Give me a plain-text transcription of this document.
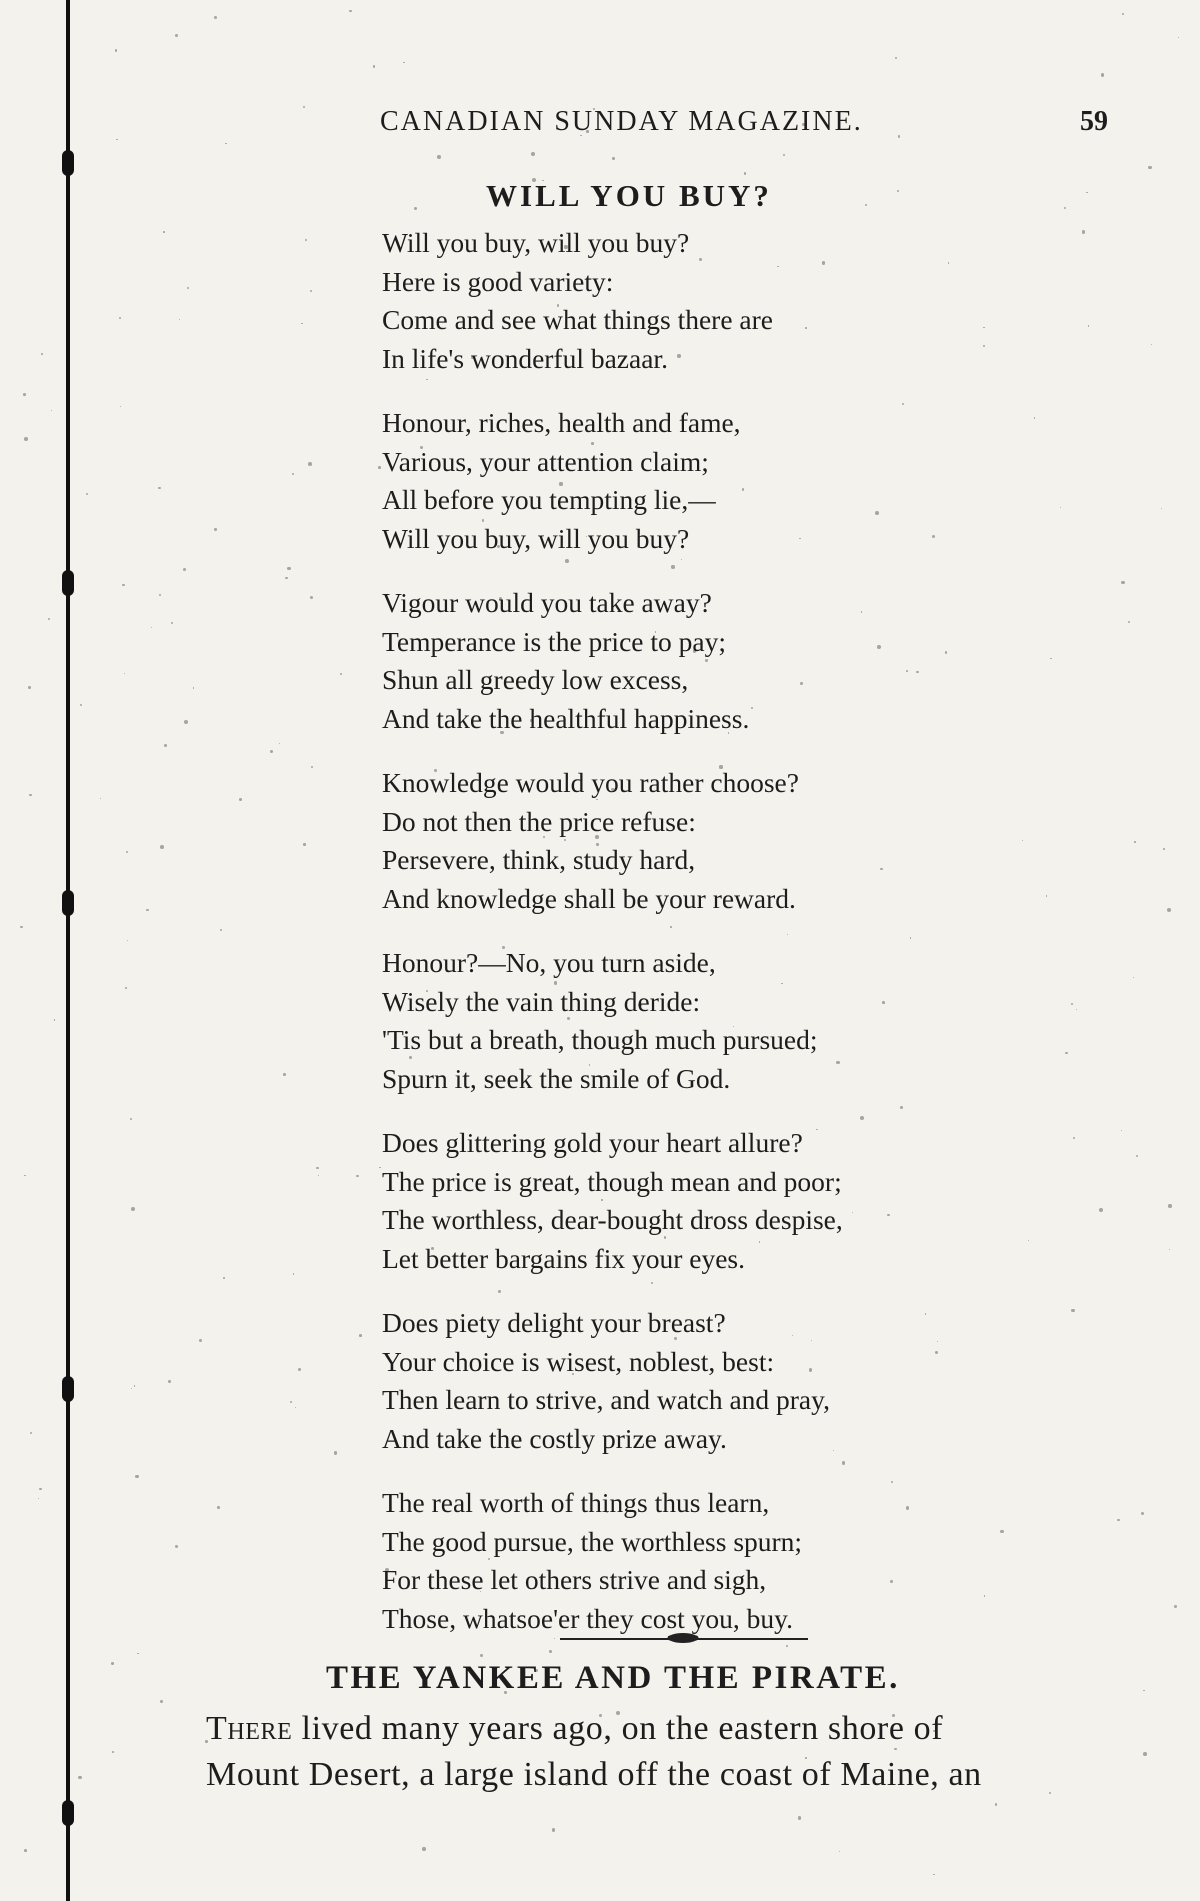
CANADIAN SUNDAY MAGAZINE.	59
WILL YOU BUY?
Will you buy, will you buy?
Here is good variety:
Come and see what things there are
In life's wonderful bazaar.
Honour, riches, health and fame,
Various, your attention claim;
All before you tempting lie,—
Will you buy, will you buy?
Vigour would you take away?
Temperance is the price to pay;
Shun all greedy low excess,
And take the healthful happiness.
Knowledge would you rather choose?
Do not then the price refuse:
Persevere, think, study hard,
And knowledge shall be your reward.
Honour?—No, you turn aside,
Wisely the vain thing deride:
'Tis but a breath, though much pursued;
Spurn it, seek the smile of God.
Does glittering gold your heart allure?
The price is great, though mean and poor;
The worthless, dear-bought dross despise,
Let better bargains fix your eyes.
Does piety delight your breast?
Your choice is wisest, noblest, best:
Then learn to strive, and watch and pray,
And take the costly prize away.
The real worth of things thus learn,
The good pursue, the worthless spurn;
For these let others strive and sigh,
Those, whatsoe'er they cost you, buy.
THE YANKEE AND THE PIRATE.
There lived many years ago, on the eastern shore of
Mount Desert, a large island off the coast of Maine, an
